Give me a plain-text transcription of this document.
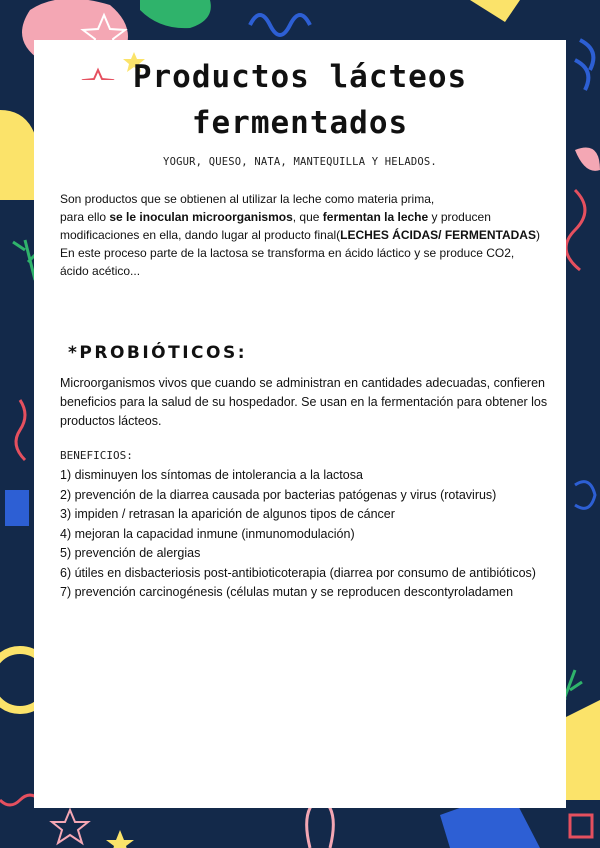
Productos lácteos
fermentados
YOGUR, QUESO, NATA, MANTEQUILLA Y HELADOS.
Son productos que se obtienen al utilizar la leche como materia prima,
para ello se le inoculan microorganismos, que fermentan la leche y producen
modificaciones en ella, dando lugar al producto final(LECHES ÁCIDAS/ FERMENTADAS)
En este proceso parte de la lactosa se transforma en ácido láctico y se produce CO2,
ácido acético...
*PROBIÓTICOS:
Microorganismos vivos que cuando se administran en cantidades adecuadas, confieren beneficios para la salud de su hospedador. Se usan en la fermentación para obtener los productos lácteos.
BENEFICIOS:
1) disminuyen los síntomas de intolerancia a la lactosa
2) prevención de la diarrea causada por bacterias patógenas y virus (rotavirus)
3) impiden / retrasan la aparición de algunos tipos de cáncer
4) mejoran la capacidad inmune (inmunomodulación)
5) prevención de alergias
6) útiles en disbacteriosis post-antibioticoterapia (diarrea por consumo de antibióticos)
7) prevención carcinogénesis (células mutan y se reproducen descontyroladamen
